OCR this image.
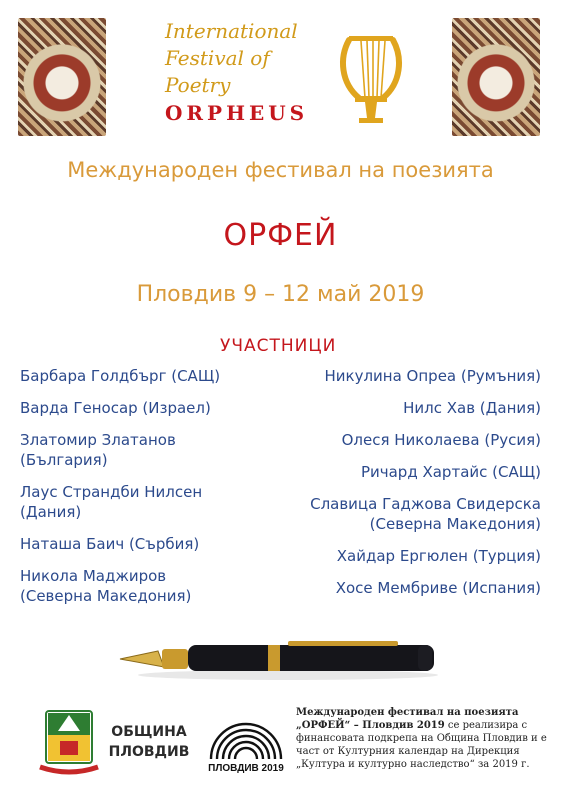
International
Festival of
Poetry
ORPHEUS
Международен фестивал на поезията
ОРФЕЙ
Пловдив 9 – 12 май 2019
УЧАСТНИЦИ
Барбара Голдбърг (САЩ)
Варда Геносар (Израел)
Златомир Златанов
(България)
Лаус Страндби Нилсен
(Дания)
Наташа Баич (Сърбия)
Никола Маджиров
(Северна Македония)
Никулина Опреа (Румъния)
Нилс Хав (Дания)
Олеся Николаева (Русия)
Ричард Хартайс (САЩ)
Славица Гаджова Свидерска
(Северна Македония)
Хайдар Ергюлен (Турция)
Хосе Мембриве (Испания)
ОБЩИНА
ПЛОВДИВ
ПЛОВДИВ 2019
Международен фестивал на поезията
„ОРФЕЙ“ – Пловдив 2019 се реализира с финансовата подкрепа на Община Пловдив и е част от Културния календар на Дирекция „Култура и културно наследство“ за 2019 г.
